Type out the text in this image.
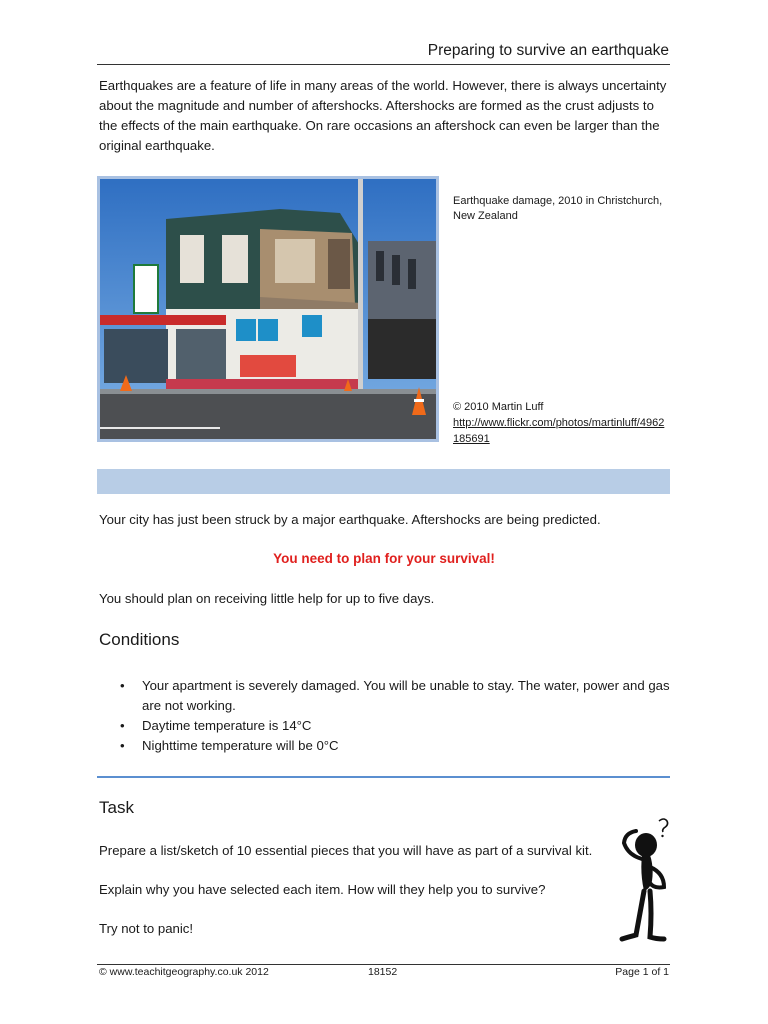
Preparing to survive an earthquake

Earthquakes are a feature of life in many areas of the world. However, there is always uncertainty about the magnitude and number of aftershocks. Aftershocks are formed as the crust adjusts to the effects of the main earthquake. On rare occasions an aftershock can even be larger than the original earthquake.

Earthquake damage, 2010 in Christchurch, New Zealand

© 2010 Martin Luff
http://www.flickr.com/photos/martinluff/4962185691

Your city has just been struck by a major earthquake. Aftershocks are being predicted.

You need to plan for your survival!

You should plan on receiving little help for up to five days.

Conditions
• Your apartment is severely damaged. You will be unable to stay. The water, power and gas are not working.
• Daytime temperature is 14°C
• Nighttime temperature will be 0°C
Task

Prepare a list/sketch of 10 essential pieces that you will have as part of a survival kit.

Explain why you have selected each item. How will they help you to survive?

Try not to panic!

© www.teachitgeography.co.uk 2012	18152	Page 1 of 1
